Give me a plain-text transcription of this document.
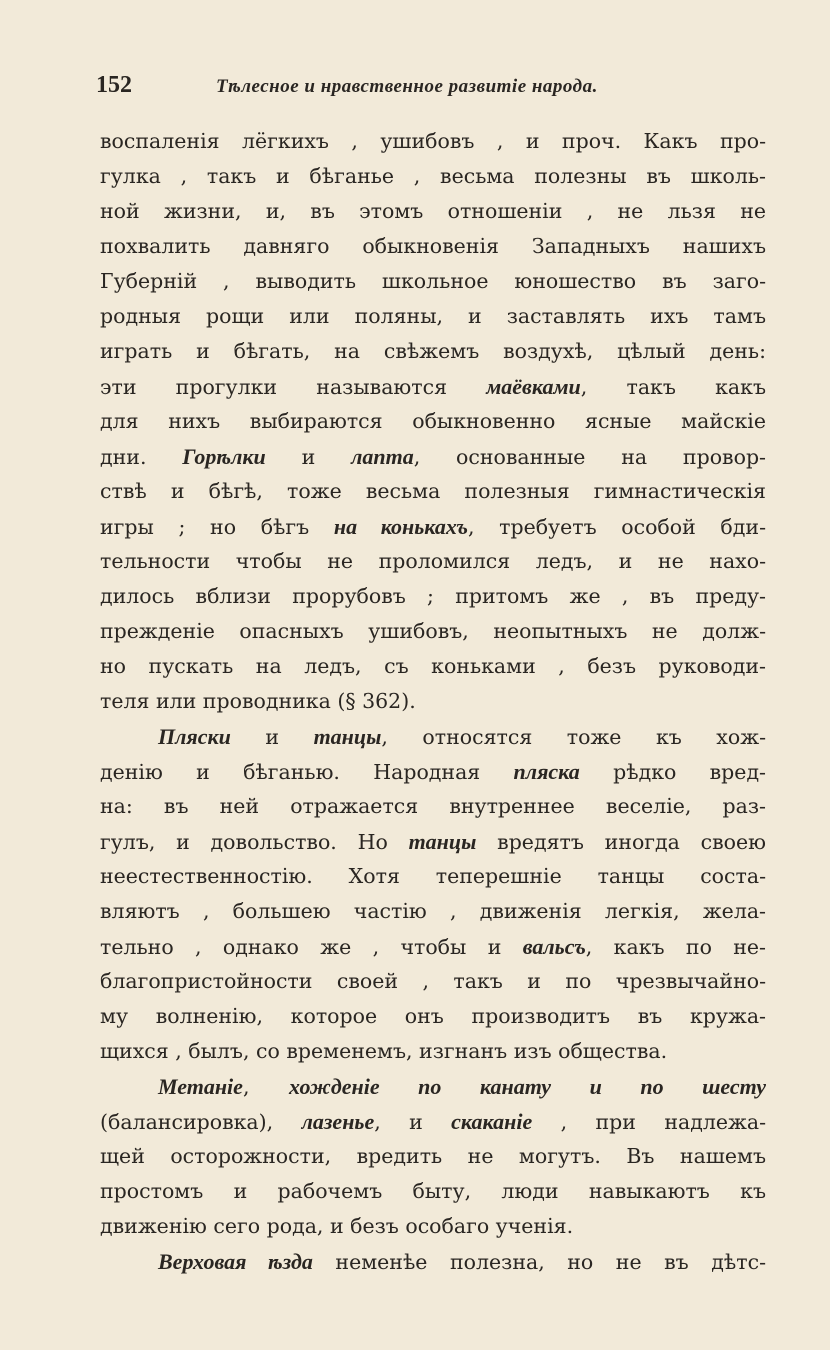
152	Тѣлесное и нравственное развитіе народа.
воспаленія лёгкихъ , ушибовъ , и проч. Какъ про-
гулка , такъ и бѣганье , весьма полезны въ школь-
ной жизни, и, въ этомъ отношеніи , не льзя не
похвалить давняго обыкновенія Западныхъ нашихъ
Губерній , выводить школьное юношество въ заго-
родныя рощи или поляны, и заставлять ихъ тамъ
играть и бѣгать, на свѣжемъ воздухѣ, цѣлый день:
эти прогулки называются маёвками, такъ какъ
для нихъ выбираются обыкновенно ясные майскіе
дни. Горѣлки и лапта, основанные на провор-
ствѣ и бѣгѣ, тоже весьма полезныя гимнастическія
игры ; но бѣгъ на конькахъ, требуетъ особой бди-
тельности чтобы не проломился ледъ, и не нахо-
дилось вблизи прорубовъ ; притомъ же , въ преду-
прежденіе опасныхъ ушибовъ, неопытныхъ не долж-
но пускать на ледъ, съ коньками , безъ руководи-
теля или проводника (§ 362).
Пляски и танцы, относятся тоже къ хож-
денію и бѣганью. Народная пляска рѣдко вред-
на: въ ней отражается внутреннее веселіе, раз-
гулъ, и довольство. Но танцы вредятъ иногда своею
неестественностію. Хотя теперешніе танцы соста-
вляютъ , большею частію , движенія легкія, жела-
тельно , однако же , чтобы и вальсъ, какъ по не-
благопристойности своей , такъ и по чрезвычайно-
му волненію, которое онъ производитъ въ кружа-
щихся , былъ, со временемъ, изгнанъ изъ общества.
Метаніе, хожденіе по канату и по шесту
(балансировка), лазенье, и скаканіе , при надлежа-
щей осторожности, вредить не могутъ. Въ нашемъ
простомъ и рабочемъ быту, люди навыкаютъ къ
движенію сего рода, и безъ особаго ученія.
Верховая ѣзда неменѣе полезна, но не въ дѣтс-
